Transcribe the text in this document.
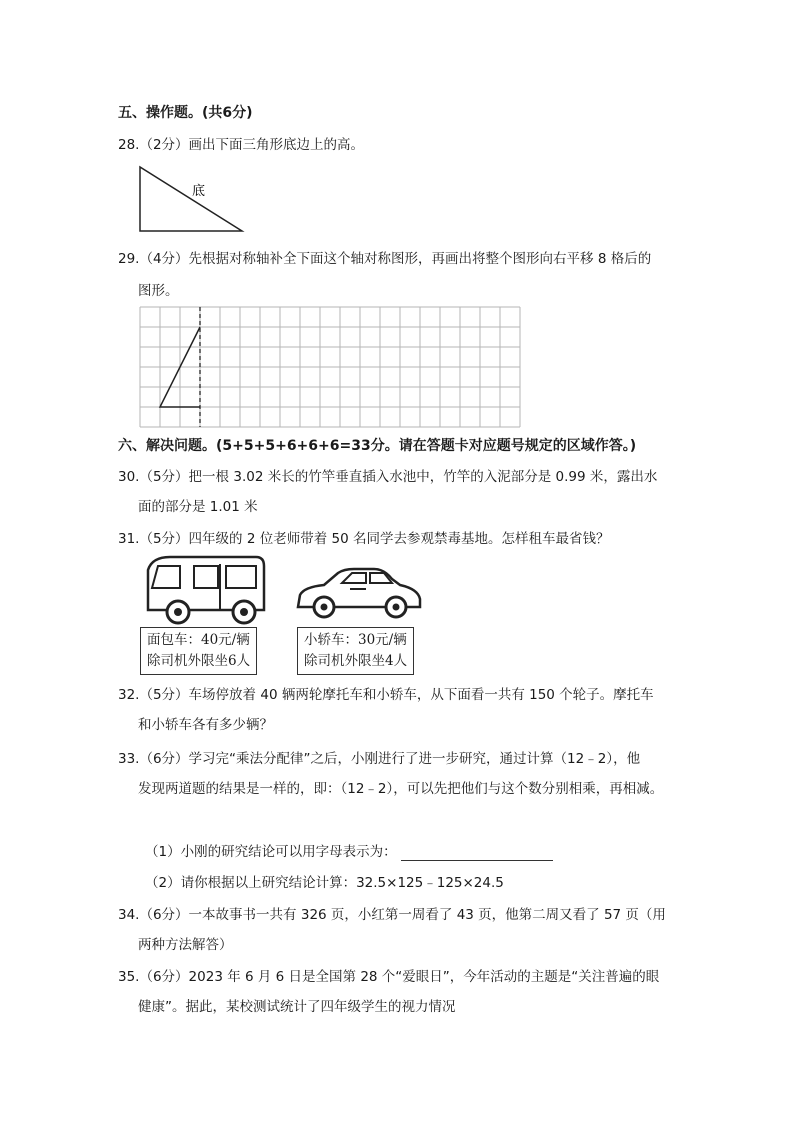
五、操作题。(共6分)
28.（2分）画出下面三角形底边上的高。
底
29.（4分）先根据对称轴补全下面这个轴对称图形，再画出将整个图形向右平移 8 格后的
图形。
六、解决问题。(5+5+5+6+6+6=33分。请在答题卡对应题号规定的区域作答。)
30.（5分）把一根 3.02 米长的竹竿垂直插入水池中，竹竿的入泥部分是 0.99 米，露出水
面的部分是 1.01 米
31.（5分）四年级的 2 位老师带着 50 名同学去参观禁毒基地。怎样租车最省钱？
面包车：40元/辆
除司机外限坐6人
小轿车：30元/辆
除司机外限坐4人
32.（5分）车场停放着 40 辆两轮摩托车和小轿车，从下面看一共有 150 个轮子。摩托车
和小轿车各有多少辆？
33.（6分）学习完“乘法分配律”之后，小刚进行了进一步研究，通过计算（12﹣2），他
发现两道题的结果是一样的，即：（12﹣2），可以先把他们与这个数分别相乘，再相减。
（1）小刚的研究结论可以用字母表示为：
（2）请你根据以上研究结论计算：32.5×125﹣125×24.5
34.（6分）一本故事书一共有 326 页，小红第一周看了 43 页，他第二周又看了 57 页（用
两种方法解答）
35.（6分）2023 年 6 月 6 日是全国第 28 个“爱眼日”，今年活动的主题是“关注普遍的眼
健康”。据此，某校测试统计了四年级学生的视力情况
